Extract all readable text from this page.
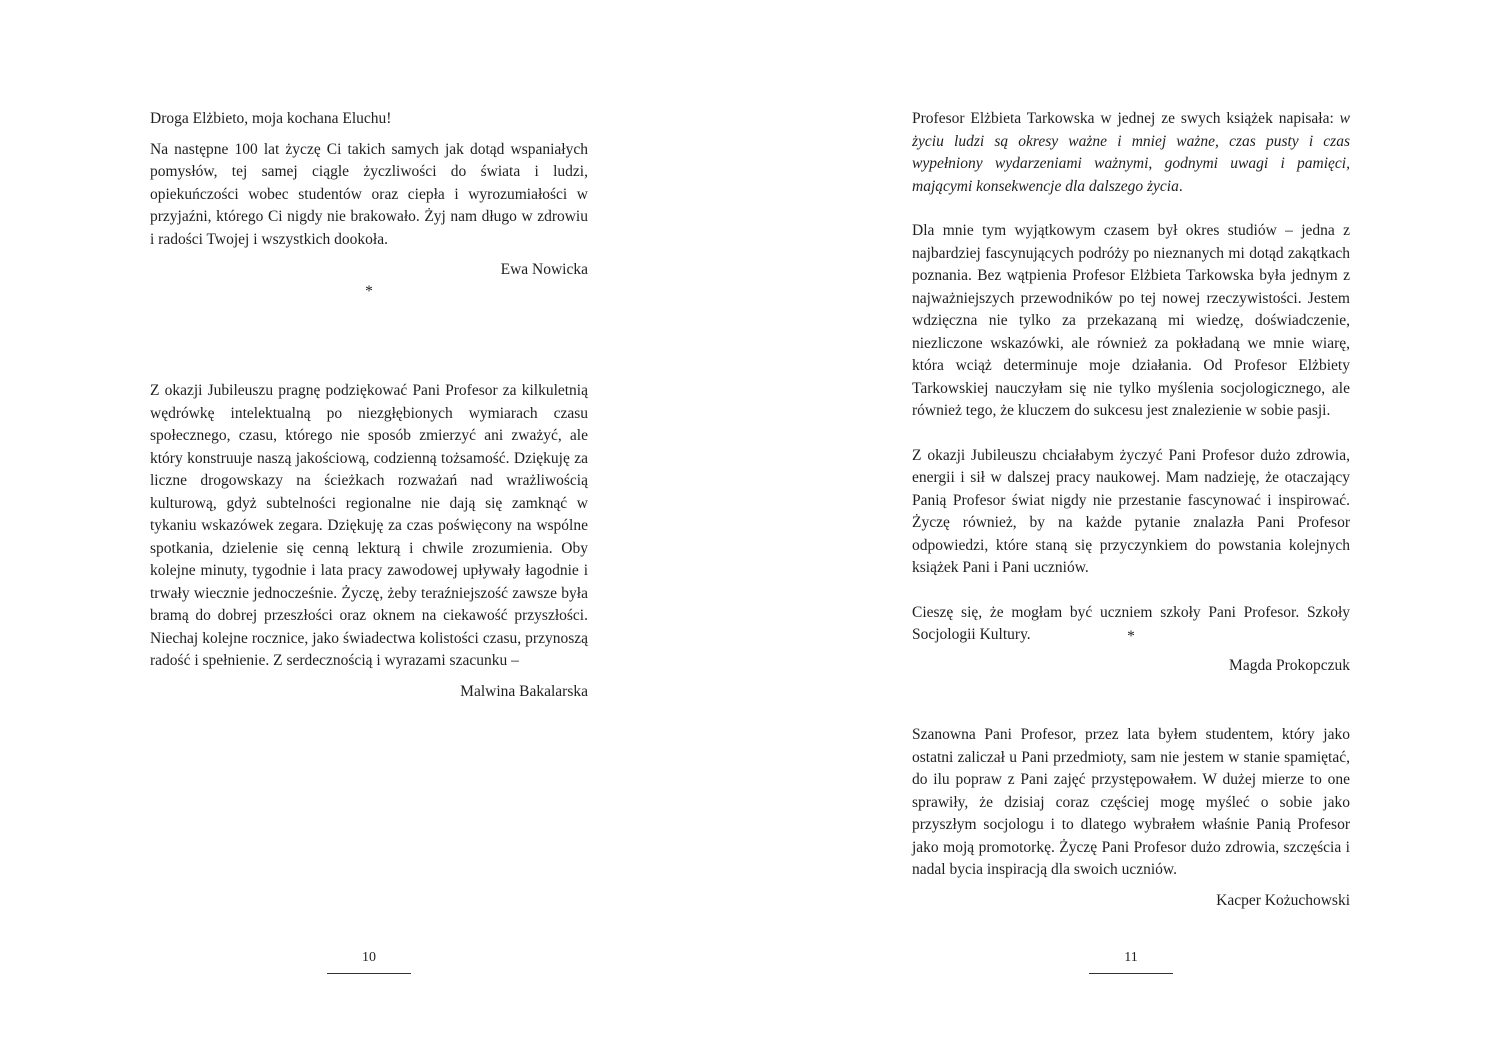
Droga Elżbieto, moja kochana Eluchu!

Na następne 100 lat życzę Ci takich samych jak dotąd wspaniałych pomysłów, tej samej ciągle życzliwości do świata i ludzi, opiekuńczości wobec studentów oraz ciepła i wyrozumiałości w przyjaźni, którego Ci nigdy nie brakowało. Żyj nam długo w zdrowiu i radości Twojej i wszystkich dookoła.

Ewa Nowicka

*

Z okazji Jubileuszu pragnę podziękować Pani Profesor za kilkuletnią wędrówkę intelektualną po niezgłębionych wymiarach czasu społecznego, czasu, którego nie sposób zmierzyć ani zważyć, ale który konstruuje naszą jakościową, codzienną tożsamość. Dziękuję za liczne drogowskazy na ścieżkach rozważań nad wrażliwością kulturową, gdyż subtelności regionalne nie dają się zamknąć w tykaniu wskazówek zegara. Dziękuję za czas poświęcony na wspólne spotkania, dzielenie się cenną lekturą i chwile zrozumienia. Oby kolejne minuty, tygodnie i lata pracy zawodowej upływały łagodnie i trwały wiecznie jednocześnie. Życzę, żeby teraźniejszość zawsze była bramą do dobrej przeszłości oraz oknem na ciekawość przyszłości. Niechaj kolejne rocznice, jako świadectwa kolistości czasu, przynoszą radość i spełnienie. Z serdecznością i wyrazami szacunku –

Malwina Bakalarska

10

Profesor Elżbieta Tarkowska w jednej ze swych książek napisała: w życiu ludzi są okresy ważne i mniej ważne, czas pusty i czas wypełniony wydarzeniami ważnymi, godnymi uwagi i pamięci, mającymi konsekwencje dla dalszego życia.

Dla mnie tym wyjątkowym czasem był okres studiów – jedna z najbardziej fascynujących podróży po nieznanych mi dotąd zakątkach poznania. Bez wątpienia Profesor Elżbieta Tarkowska była jednym z najważniejszych przewodników po tej nowej rzeczywistości. Jestem wdzięczna nie tylko za przekazaną mi wiedzę, doświadczenie, niezliczone wskazówki, ale również za pokładaną we mnie wiarę, która wciąż determinuje moje działania. Od Profesor Elżbiety Tarkowskiej nauczyłam się nie tylko myślenia socjologicznego, ale również tego, że kluczem do sukcesu jest znalezienie w sobie pasji.

Z okazji Jubileuszu chciałabym życzyć Pani Profesor dużo zdrowia, energii i sił w dalszej pracy naukowej. Mam nadzieję, że otaczający Panią Profesor świat nigdy nie przestanie fascynować i inspirować. Życzę również, by na każde pytanie znalazła Pani Profesor odpowiedzi, które staną się przyczynkiem do powstania kolejnych książek Pani i Pani uczniów.

Cieszę się, że mogłam być uczniem szkoły Pani Profesor. Szkoły Socjologii Kultury.

Magda Prokopczuk

*

Szanowna Pani Profesor, przez lata byłem studentem, który jako ostatni zaliczał u Pani przedmioty, sam nie jestem w stanie spamiętać, do ilu popraw z Pani zajęć przystępowałem. W dużej mierze to one sprawiły, że dzisiaj coraz częściej mogę myśleć o sobie jako przyszłym socjologu i to dlatego wybrałem właśnie Panią Profesor jako moją promotorkę. Życzę Pani Profesor dużo zdrowia, szczęścia i nadal bycia inspiracją dla swoich uczniów.

Kacper Kożuchowski

11
